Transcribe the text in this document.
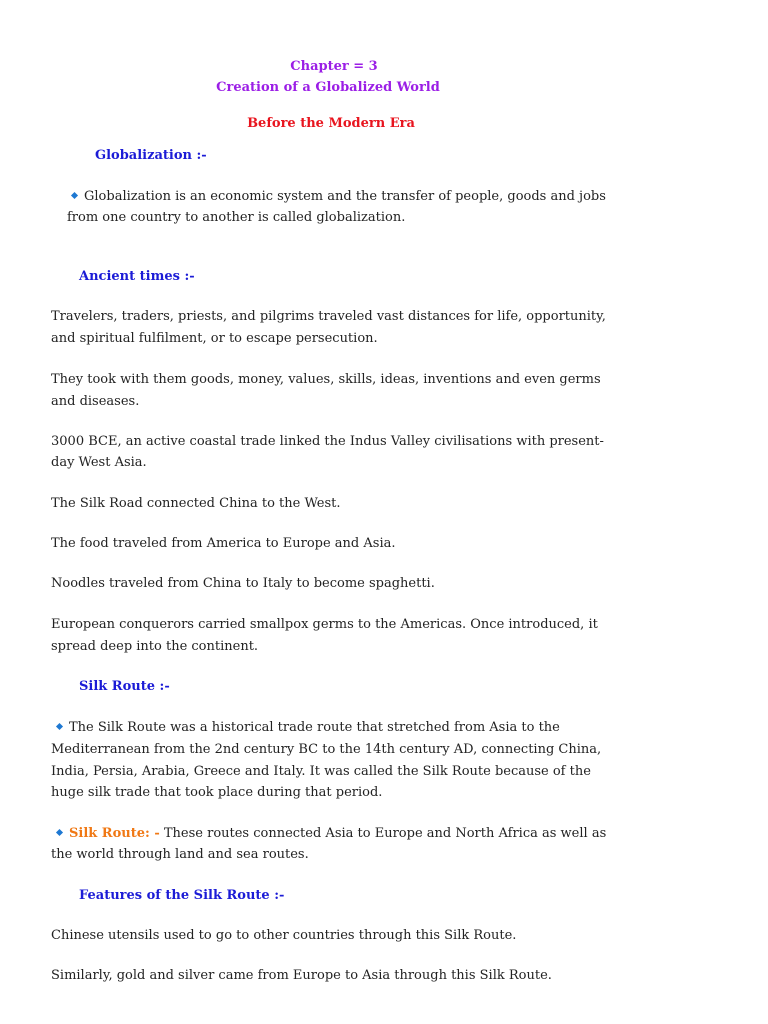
Chapter = 3
Creation of a Globalized World
Before the Modern Era
Globalization :-
Globalization is an economic system and the transfer of people, goods and jobs
from one country to another is called globalization.
Ancient times :-
Travelers, traders, priests, and pilgrims traveled vast distances for life, opportunity,
and spiritual fulfilment, or to escape persecution.
They took with them goods, money, values, skills, ideas, inventions and even germs
and diseases.
3000 BCE, an active coastal trade linked the Indus Valley civilisations with present-
day West Asia.
The Silk Road connected China to the West.
The food traveled from America to Europe and Asia.
Noodles traveled from China to Italy to become spaghetti.
European conquerors carried smallpox germs to the Americas. Once introduced, it
spread deep into the continent.
Silk Route :-
The Silk Route was a historical trade route that stretched from Asia to the
Mediterranean from the 2nd century BC to the 14th century AD, connecting China,
India, Persia, Arabia, Greece and Italy. It was called the Silk Route because of the
huge silk trade that took place during that period.
Silk Route: - These routes connected Asia to Europe and North Africa as well as
the world through land and sea routes.
Features of the Silk Route :-
Chinese utensils used to go to other countries through this Silk Route.
Similarly, gold and silver came from Europe to Asia through this Silk Route.
